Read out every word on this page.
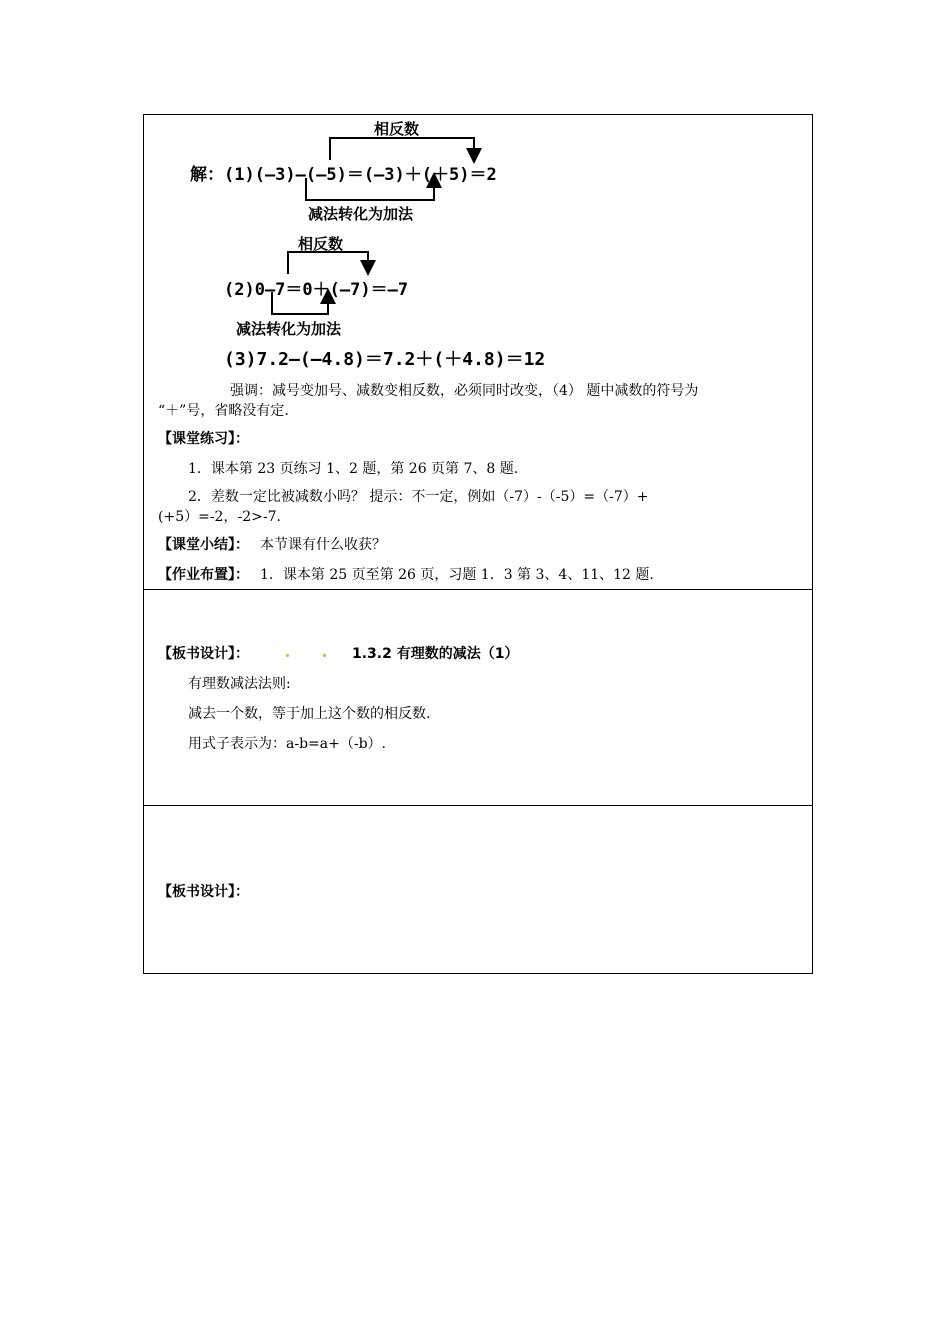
相反数
解：(1)(—3)—(—5)＝(—3)＋(＋5)＝2
减法转化为加法
相反数
(2)0—7＝0＋(—7)＝—7
减法转化为加法
(3)7.2—(—4.8)＝7.2＋(＋4.8)＝12
强调：减号变加号、减数变相反数，必须同时改变，（4） 题中减数的符号为
“＋”号，省略没有定.
【课堂练习】：
1．课本第 23 页练习 1、2 题，第 26 页第 7、8 题.
2．差数一定比被减数小吗？ 提示：不一定，例如（-7）-（-5）=（-7）+
(+5）=-2，-2>-7.
【课堂小结】： 本节课有什么收获？
【作业布置】： 1．课本第 25 页至第 26 页，习题 1．3 第 3、4、11、12 题.
【板书设计】：	1.3.2 有理数的减法（1）
有理数减法法则:
减去一个数，等于加上这个数的相反数.
用式子表示为：a-b=a+（-b）.
【板书设计】：
